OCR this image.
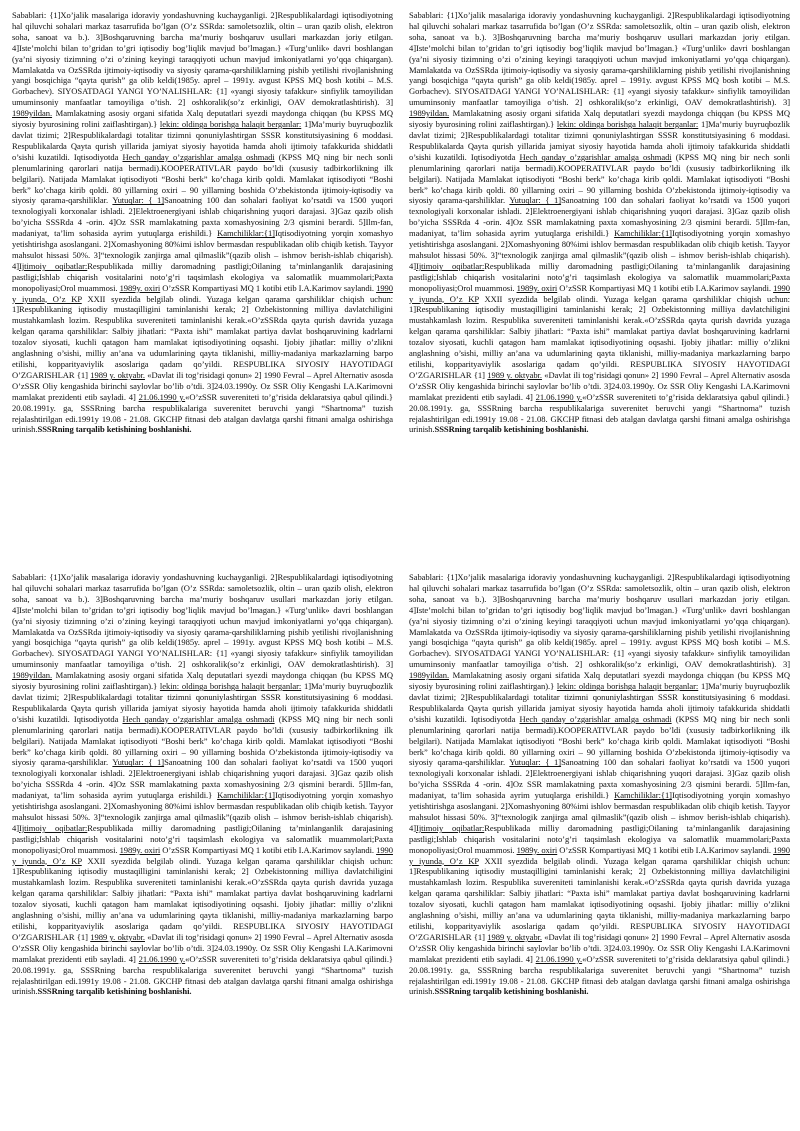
Sabablari: {1]Xo’jalik masalariga idoraviy yondashuvning kuchayganligi. 2]Respublikalardagi iqtisodiyotning hal qiluvchi sohalari markaz tasarrufida bo’lgan (O’z SSRda: samoletsozlik, oltin – uran qazib olish, elektron soha, sanoat va b.). 3]Boshqaruvning barcha ma’muriy boshqaruv usullari markazdan joriy etilgan. 4]Iste’molchi bilan to’gridan to’gri iqtisodiy bog’liqlik mavjud bo’lmagan.} «Turg’unlik» davri boshlangan (ya’ni siyosiy tizimning o’zi o’zining keyingi taraqqiyoti uchun mavjud imkoniyatlarni yo’qqa chiqargan). Mamlakatda va OzSSRda ijtimoiy-iqtisodiy va siyosiy qarama-qarshiliklarning pishib yetilishi rivojlanishning yangi bosqichiga “qayta qurish” ga olib keldi(1985y. aprel – 1991y. avgust KPSS MQ bosh kotibi – M.S. Gorbachev). SIYOSATDAGI YANGI YO’NALISHLAR: {1] «yangi siyosiy tafakkur» sinfiylik tamoyilidan umuminsoniy manfaatlar tamoyiliga o’tish. 2] oshkoralik(so’z erkinligi, OAV demokratlashtirish). 3] 1989yildan. Mamlakatning asosiy organi sifatida Xalq deputatlari syezdi maydonga chiqqan (bu KPSS MQ siyosiy byurosining rolini zaiflashtirgan).} lekin: oldinga borishga halaqit berganlar: 1]Ma’muriy buyruqbozlik davlat tizimi; 2]Respublikalardagi totalitar tizimni qonuniylashtirgan SSSR konstitutsiyasining 6 moddasi. Respublikalarda Qayta qurish yillarida jamiyat siyosiy hayotida hamda aholi ijtimoiy tafakkurida shiddatli o’sishi kuzatildi. Iqtisodiyotda Hech qanday o’zgarishlar amalga oshmadi (KPSS MQ ning bir nech sonli plenumlarining qarorlari natija bermadi).KOOPERATIVLAR paydo bo’ldi (xususiy tadbirkorlikning ilk belgilari). Natijada Mamlakat iqtisodiyoti “Boshi berk” ko’chaga kirib qoldi. Mamlakat iqtisodiyoti “Boshi berk” ko’chaga kirib qoldi. 80 yillarning oxiri – 90 yillarning boshida O’zbekistonda ijtimoiy-iqtisodiy va siyosiy qarama-qarshiliklar. Yutuqlar: { 1]Sanoatning 100 dan sohalari faoliyat ko’rsatdi va 1500 yuqori texnologiyali korxonalar ishladi. 2]Elektroenergiyani ishlab chiqarishning yuqori darajasi. 3]Gaz qazib olish bo’yicha SSSRda 4 -orin. 4]Oz SSR mamlakatning paxta xomashyosining 2/3 qismini berardi. 5]Ilm-fan, madaniyat, ta’lim sohasida ayrim yutuqlarga erishildi.} Kamchiliklar:{1]Iqtisodiyotning yorqin xomashyo yetishtirishga asoslangani. 2]Xomashyoning 80%imi ishlov bermasdan respublikadan olib chiqib ketish. Tayyor mahsulot hissasi 50%. 3]“texnologik zanjirga amal qilmaslik”(qazib olish – ishmov berish-ishlab chiqarish). 4]Ijtimoiy oqibatlar:Respublikada milliy daromadning pastligi;Oilaning ta’minlanganlik darajasining pastligi;Ishlab chiqarish vositalarini noto’g’ri taqsimlash ekologiya va salomatlik muammolari;Paxta monopoliyasi;Orol muammosi. 1989y. oxiri O’zSSR Kompartiyasi MQ 1 kotibi etib I.A.Karimov saylandi. 1990 y iyunda, O’z KP XXII syezdida belgilab olindi. Yuzaga kelgan qarama qarshiliklar chiqish uchun: 1]Respublikaning iqtisodiy mustaqilligini taminlanishi kerak; 2] Ozbekistonning milliya davlatchiligini mustahkamlash lozim. Respublika suvereniteti taminlanishi kerak.«O’zSSRda qayta qurish davrida yuzaga kelgan qarama qarshiliklar: Salbiy jihatlari: “Paxta ishi” mamlakat partiya davlat boshqaruvining kadrlarni tozalov siyosati, kuchli qatagon ham mamlakat iqtisodiyotining oqsashi. Ijobiy jihatlar: milliy o’zlikni anglashning o’sishi, milliy an’ana va udumlarining qayta tiklanishi, milliy-madaniya markazlarning barpo etilishi, kopparityaviylik asoslariga qadam qo’yildi. RESPUBLIKA SIYOSIY HAYOTIDAGI O’ZGARISHLAR {1] 1989 y. oktyabr. «Davlat ili tog’risidagi qonun» 2] 1990 Fevral – Aprel Alternativ asosda O’zSSR Oliy kengashida birinchi saylovlar bo’lib o’tdi. 3]24.03.1990y. Oz SSR Oliy Kengashi I.A.Karimovni mamlakat prezidenti etib sayladi. 4] 21.06.1990 y.«O’zSSR suvereniteti to’g’risida deklaratsiya qabul qilindi.} 20.08.1991y. ga, SSSRning barcha respublikalariga suverenitet beruvchi yangi “Shartnoma” tuzish rejalashtirilgan edi.1991y 19.08 - 21.08. GKCHP fitnasi deb atalgan davlatga qarshi fitnani amalga oshirishga urinish.SSSRning tarqalib ketishining boshlanishi.

Sabablari: {1]Xo’jalik masalariga idoraviy yondashuvning kuchayganligi. 2]Respublikalardagi iqtisodiyotning hal qiluvchi sohalari markaz tasarrufida bo’lgan (O’z SSRda: samoletsozlik, oltin – uran qazib olish, elektron soha, sanoat va b.). 3]Boshqaruvning barcha ma’muriy boshqaruv usullari markazdan joriy etilgan. 4]Iste’molchi bilan to’gridan to’gri iqtisodiy bog’liqlik mavjud bo’lmagan.} «Turg’unlik» davri boshlangan (ya’ni siyosiy tizimning o’zi o’zining keyingi taraqqiyoti uchun mavjud imkoniyatlarni yo’qqa chiqargan). Mamlakatda va OzSSRda ijtimoiy-iqtisodiy va siyosiy qarama-qarshiliklarning pishib yetilishi rivojlanishning yangi bosqichiga “qayta qurish” ga olib keldi(1985y. aprel – 1991y. avgust KPSS MQ bosh kotibi – M.S. Gorbachev). SIYOSATDAGI YANGI YO’NALISHLAR: {1] «yangi siyosiy tafakkur» sinfiylik tamoyilidan umuminsoniy manfaatlar tamoyiliga o’tish. 2] oshkoralik(so’z erkinligi, OAV demokratlashtirish). 3] 1989yildan. Mamlakatning asosiy organi sifatida Xalq deputatlari syezdi maydonga chiqqan (bu KPSS MQ siyosiy byurosining rolini zaiflashtirgan).} lekin: oldinga borishga halaqit berganlar: 1]Ma’muriy buyruqbozlik davlat tizimi; 2]Respublikalardagi totalitar tizimni qonuniylashtirgan SSSR konstitutsiyasining 6 moddasi. Respublikalarda Qayta qurish yillarida jamiyat siyosiy hayotida hamda aholi ijtimoiy tafakkurida shiddatli o’sishi kuzatildi. Iqtisodiyotda Hech qanday o’zgarishlar amalga oshmadi (KPSS MQ ning bir nech sonli plenumlarining qarorlari natija bermadi).KOOPERATIVLAR paydo bo’ldi (xususiy tadbirkorlikning ilk belgilari). Natijada Mamlakat iqtisodiyoti “Boshi berk” ko’chaga kirib qoldi. Mamlakat iqtisodiyoti “Boshi berk” ko’chaga kirib qoldi. 80 yillarning oxiri – 90 yillarning boshida O’zbekistonda ijtimoiy-iqtisodiy va siyosiy qarama-qarshiliklar. Yutuqlar: { 1]Sanoatning 100 dan sohalari faoliyat ko’rsatdi va 1500 yuqori texnologiyali korxonalar ishladi. 2]Elektroenergiyani ishlab chiqarishning yuqori darajasi. 3]Gaz qazib olish bo’yicha SSSRda 4 -orin. 4]Oz SSR mamlakatning paxta xomashyosining 2/3 qismini berardi. 5]Ilm-fan, madaniyat, ta’lim sohasida ayrim yutuqlarga erishildi.} Kamchiliklar:{1]Iqtisodiyotning yorqin xomashyo yetishtirishga asoslangani. 2]Xomashyoning 80%imi ishlov bermasdan respublikadan olib chiqib ketish. Tayyor mahsulot hissasi 50%. 3]“texnologik zanjirga amal qilmaslik”(qazib olish – ishmov berish-ishlab chiqarish). 4]Ijtimoiy oqibatlar:Respublikada milliy daromadning pastligi;Oilaning ta’minlanganlik darajasining pastligi;Ishlab chiqarish vositalarini noto’g’ri taqsimlash ekologiya va salomatlik muammolari;Paxta monopoliyasi;Orol muammosi. 1989y. oxiri O’zSSR Kompartiyasi MQ 1 kotibi etib I.A.Karimov saylandi. 1990 y iyunda, O’z KP XXII syezdida belgilab olindi. Yuzaga kelgan qarama qarshiliklar chiqish uchun: 1]Respublikaning iqtisodiy mustaqilligini taminlanishi kerak; 2] Ozbekistonning milliya davlatchiligini mustahkamlash lozim. Respublika suvereniteti taminlanishi kerak.«O’zSSRda qayta qurish davrida yuzaga kelgan qarama qarshiliklar: Salbiy jihatlari: “Paxta ishi” mamlakat partiya davlat boshqaruvining kadrlarni tozalov siyosati, kuchli qatagon ham mamlakat iqtisodiyotining oqsashi. Ijobiy jihatlar: milliy o’zlikni anglashning o’sishi, milliy an’ana va udumlarining qayta tiklanishi, milliy-madaniya markazlarning barpo etilishi, kopparityaviylik asoslariga qadam qo’yildi. RESPUBLIKA SIYOSIY HAYOTIDAGI O’ZGARISHLAR {1] 1989 y. oktyabr. «Davlat ili tog’risidagi qonun» 2] 1990 Fevral – Aprel Alternativ asosda O’zSSR Oliy kengashida birinchi saylovlar bo’lib o’tdi. 3]24.03.1990y. Oz SSR Oliy Kengashi I.A.Karimovni mamlakat prezidenti etib sayladi. 4] 21.06.1990 y.«O’zSSR suvereniteti to’g’risida deklaratsiya qabul qilindi.} 20.08.1991y. ga, SSSRning barcha respublikalariga suverenitet beruvchi yangi “Shartnoma” tuzish rejalashtirilgan edi.1991y 19.08 - 21.08. GKCHP fitnasi deb atalgan davlatga qarshi fitnani amalga oshirishga urinish.SSSRning tarqalib ketishining boshlanishi.

Sabablari: {1]Xo’jalik masalariga idoraviy yondashuvning kuchayganligi. 2]Respublikalardagi iqtisodiyotning hal qiluvchi sohalari markaz tasarrufida bo’lgan (O’z SSRda: samoletsozlik, oltin – uran qazib olish, elektron soha, sanoat va b.). 3]Boshqaruvning barcha ma’muriy boshqaruv usullari markazdan joriy etilgan. 4]Iste’molchi bilan to’gridan to’gri iqtisodiy bog’liqlik mavjud bo’lmagan.} «Turg’unlik» davri boshlangan (ya’ni siyosiy tizimning o’zi o’zining keyingi taraqqiyoti uchun mavjud imkoniyatlarni yo’qqa chiqargan). Mamlakatda va OzSSRda ijtimoiy-iqtisodiy va siyosiy qarama-qarshiliklarning pishib yetilishi rivojlanishning yangi bosqichiga “qayta qurish” ga olib keldi(1985y. aprel – 1991y. avgust KPSS MQ bosh kotibi – M.S. Gorbachev). SIYOSATDAGI YANGI YO’NALISHLAR: {1] «yangi siyosiy tafakkur» sinfiylik tamoyilidan umuminsoniy manfaatlar tamoyiliga o’tish. 2] oshkoralik(so’z erkinligi, OAV demokratlashtirish). 3] 1989yildan. Mamlakatning asosiy organi sifatida Xalq deputatlari syezdi maydonga chiqqan (bu KPSS MQ siyosiy byurosining rolini zaiflashtirgan).} lekin: oldinga borishga halaqit berganlar: 1]Ma’muriy buyruqbozlik davlat tizimi; 2]Respublikalardagi totalitar tizimni qonuniylashtirgan SSSR konstitutsiyasining 6 moddasi. Respublikalarda Qayta qurish yillarida jamiyat siyosiy hayotida hamda aholi ijtimoiy tafakkurida shiddatli o’sishi kuzatildi. Iqtisodiyotda Hech qanday o’zgarishlar amalga oshmadi (KPSS MQ ning bir nech sonli plenumlarining qarorlari natija bermadi).KOOPERATIVLAR paydo bo’ldi (xususiy tadbirkorlikning ilk belgilari). Natijada Mamlakat iqtisodiyoti “Boshi berk” ko’chaga kirib qoldi. Mamlakat iqtisodiyoti “Boshi berk” ko’chaga kirib qoldi. 80 yillarning oxiri – 90 yillarning boshida O’zbekistonda ijtimoiy-iqtisodiy va siyosiy qarama-qarshiliklar. Yutuqlar: { 1]Sanoatning 100 dan sohalari faoliyat ko’rsatdi va 1500 yuqori texnologiyali korxonalar ishladi. 2]Elektroenergiyani ishlab chiqarishning yuqori darajasi. 3]Gaz qazib olish bo’yicha SSSRda 4 -orin. 4]Oz SSR mamlakatning paxta xomashyosining 2/3 qismini berardi. 5]Ilm-fan, madaniyat, ta’lim sohasida ayrim yutuqlarga erishildi.} Kamchiliklar:{1]Iqtisodiyotning yorqin xomashyo yetishtirishga asoslangani. 2]Xomashyoning 80%imi ishlov bermasdan respublikadan olib chiqib ketish. Tayyor mahsulot hissasi 50%. 3]“texnologik zanjirga amal qilmaslik”(qazib olish – ishmov berish-ishlab chiqarish). 4]Ijtimoiy oqibatlar:Respublikada milliy daromadning pastligi;Oilaning ta’minlanganlik darajasining pastligi;Ishlab chiqarish vositalarini noto’g’ri taqsimlash ekologiya va salomatlik muammolari;Paxta monopoliyasi;Orol muammosi. 1989y. oxiri O’zSSR Kompartiyasi MQ 1 kotibi etib I.A.Karimov saylandi. 1990 y iyunda, O’z KP XXII syezdida belgilab olindi. Yuzaga kelgan qarama qarshiliklar chiqish uchun: 1]Respublikaning iqtisodiy mustaqilligini taminlanishi kerak; 2] Ozbekistonning milliya davlatchiligini mustahkamlash lozim. Respublika suvereniteti taminlanishi kerak.«O’zSSRda qayta qurish davrida yuzaga kelgan qarama qarshiliklar: Salbiy jihatlari: “Paxta ishi” mamlakat partiya davlat boshqaruvining kadrlarni tozalov siyosati, kuchli qatagon ham mamlakat iqtisodiyotining oqsashi. Ijobiy jihatlar: milliy o’zlikni anglashning o’sishi, milliy an’ana va udumlarining qayta tiklanishi, milliy-madaniya markazlarning barpo etilishi, kopparityaviylik asoslariga qadam qo’yildi. RESPUBLIKA SIYOSIY HAYOTIDAGI O’ZGARISHLAR {1] 1989 y. oktyabr. «Davlat ili tog’risidagi qonun» 2] 1990 Fevral – Aprel Alternativ asosda O’zSSR Oliy kengashida birinchi saylovlar bo’lib o’tdi. 3]24.03.1990y. Oz SSR Oliy Kengashi I.A.Karimovni mamlakat prezidenti etib sayladi. 4] 21.06.1990 y.«O’zSSR suvereniteti to’g’risida deklaratsiya qabul qilindi.} 20.08.1991y. ga, SSSRning barcha respublikalariga suverenitet beruvchi yangi “Shartnoma” tuzish rejalashtirilgan edi.1991y 19.08 - 21.08. GKCHP fitnasi deb atalgan davlatga qarshi fitnani amalga oshirishga urinish.SSSRning tarqalib ketishining boshlanishi.

Sabablari: {1]Xo’jalik masalariga idoraviy yondashuvning kuchayganligi. 2]Respublikalardagi iqtisodiyotning hal qiluvchi sohalari markaz tasarrufida bo’lgan (O’z SSRda: samoletsozlik, oltin – uran qazib olish, elektron soha, sanoat va b.). 3]Boshqaruvning barcha ma’muriy boshqaruv usullari markazdan joriy etilgan. 4]Iste’molchi bilan to’gridan to’gri iqtisodiy bog’liqlik mavjud bo’lmagan.} «Turg’unlik» davri boshlangan (ya’ni siyosiy tizimning o’zi o’zining keyingi taraqqiyoti uchun mavjud imkoniyatlarni yo’qqa chiqargan). Mamlakatda va OzSSRda ijtimoiy-iqtisodiy va siyosiy qarama-qarshiliklarning pishib yetilishi rivojlanishning yangi bosqichiga “qayta qurish” ga olib keldi(1985y. aprel – 1991y. avgust KPSS MQ bosh kotibi – M.S. Gorbachev). SIYOSATDAGI YANGI YO’NALISHLAR: {1] «yangi siyosiy tafakkur» sinfiylik tamoyilidan umuminsoniy manfaatlar tamoyiliga o’tish. 2] oshkoralik(so’z erkinligi, OAV demokratlashtirish). 3] 1989yildan. Mamlakatning asosiy organi sifatida Xalq deputatlari syezdi maydonga chiqqan (bu KPSS MQ siyosiy byurosining rolini zaiflashtirgan).} lekin: oldinga borishga halaqit berganlar: 1]Ma’muriy buyruqbozlik davlat tizimi; 2]Respublikalardagi totalitar tizimni qonuniylashtirgan SSSR konstitutsiyasining 6 moddasi. Respublikalarda Qayta qurish yillarida jamiyat siyosiy hayotida hamda aholi ijtimoiy tafakkurida shiddatli o’sishi kuzatildi. Iqtisodiyotda Hech qanday o’zgarishlar amalga oshmadi (KPSS MQ ning bir nech sonli plenumlarining qarorlari natija bermadi).KOOPERATIVLAR paydo bo’ldi (xususiy tadbirkorlikning ilk belgilari). Natijada Mamlakat iqtisodiyoti “Boshi berk” ko’chaga kirib qoldi. Mamlakat iqtisodiyoti “Boshi berk” ko’chaga kirib qoldi. 80 yillarning oxiri – 90 yillarning boshida O’zbekistonda ijtimoiy-iqtisodiy va siyosiy qarama-qarshiliklar. Yutuqlar: { 1]Sanoatning 100 dan sohalari faoliyat ko’rsatdi va 1500 yuqori texnologiyali korxonalar ishladi. 2]Elektroenergiyani ishlab chiqarishning yuqori darajasi. 3]Gaz qazib olish bo’yicha SSSRda 4 -orin. 4]Oz SSR mamlakatning paxta xomashyosining 2/3 qismini berardi. 5]Ilm-fan, madaniyat, ta’lim sohasida ayrim yutuqlarga erishildi.} Kamchiliklar:{1]Iqtisodiyotning yorqin xomashyo yetishtirishga asoslangani. 2]Xomashyoning 80%imi ishlov bermasdan respublikadan olib chiqib ketish. Tayyor mahsulot hissasi 50%. 3]“texnologik zanjirga amal qilmaslik”(qazib olish – ishmov berish-ishlab chiqarish). 4]Ijtimoiy oqibatlar:Respublikada milliy daromadning pastligi;Oilaning ta’minlanganlik darajasining pastligi;Ishlab chiqarish vositalarini noto’g’ri taqsimlash ekologiya va salomatlik muammolari;Paxta monopoliyasi;Orol muammosi. 1989y. oxiri O’zSSR Kompartiyasi MQ 1 kotibi etib I.A.Karimov saylandi. 1990 y iyunda, O’z KP XXII syezdida belgilab olindi. Yuzaga kelgan qarama qarshiliklar chiqish uchun: 1]Respublikaning iqtisodiy mustaqilligini taminlanishi kerak; 2] Ozbekistonning milliya davlatchiligini mustahkamlash lozim. Respublika suvereniteti taminlanishi kerak.«O’zSSRda qayta qurish davrida yuzaga kelgan qarama qarshiliklar: Salbiy jihatlari: “Paxta ishi” mamlakat partiya davlat boshqaruvining kadrlarni tozalov siyosati, kuchli qatagon ham mamlakat iqtisodiyotining oqsashi. Ijobiy jihatlar: milliy o’zlikni anglashning o’sishi, milliy an’ana va udumlarining qayta tiklanishi, milliy-madaniya markazlarning barpo etilishi, kopparityaviylik asoslariga qadam qo’yildi. RESPUBLIKA SIYOSIY HAYOTIDAGI O’ZGARISHLAR {1] 1989 y. oktyabr. «Davlat ili tog’risidagi qonun» 2] 1990 Fevral – Aprel Alternativ asosda O’zSSR Oliy kengashida birinchi saylovlar bo’lib o’tdi. 3]24.03.1990y. Oz SSR Oliy Kengashi I.A.Karimovni mamlakat prezidenti etib sayladi. 4] 21.06.1990 y.«O’zSSR suvereniteti to’g’risida deklaratsiya qabul qilindi.} 20.08.1991y. ga, SSSRning barcha respublikalariga suverenitet beruvchi yangi “Shartnoma” tuzish rejalashtirilgan edi.1991y 19.08 - 21.08. GKCHP fitnasi deb atalgan davlatga qarshi fitnani amalga oshirishga urinish.SSSRning tarqalib ketishining boshlanishi.
